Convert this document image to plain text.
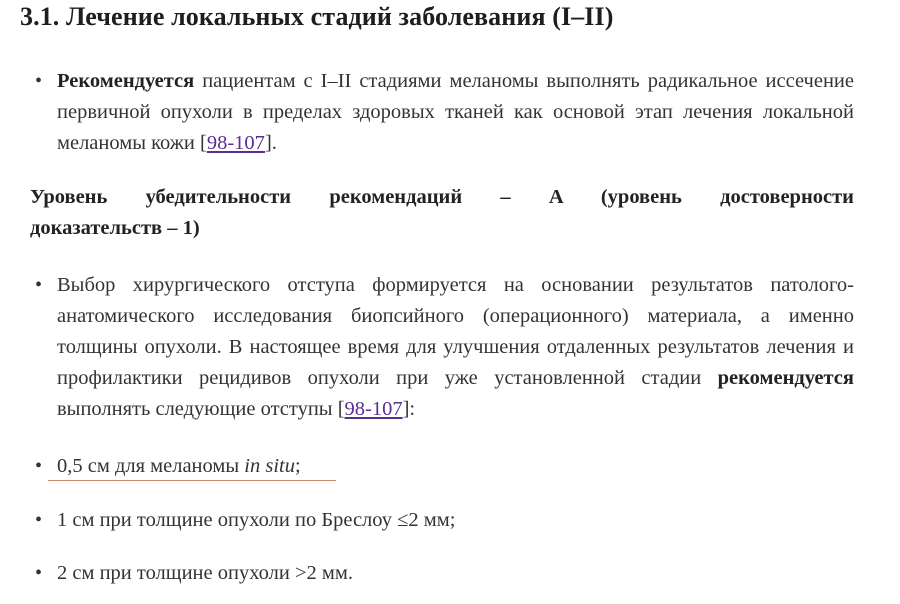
3.1. Лечение локальных стадий заболевания (I–II)
• Рекомендуется пациентам с I–II стадиями меланомы выполнять радикальное иссечение первичной опухоли в пределах здоровых тканей как основой этап лечения локальной меланомы кожи [98-107].
Уровень убедительности рекомендаций – A (уровень достоверности
доказательств – 1)
• Выбор хирургического отступа формируется на основании результатов патолого-анатомического исследования биопсийного (операционного) материала, а именно толщины опухоли. В настоящее время для улучшения отдаленных результатов лечения и профилактики рецидивов опухоли при уже установленной стадии рекомендуется выполнять следующие отступы [98-107]:
• 0,5 см для меланомы in situ;
• 1 см при толщине опухоли по Бреслоу ≤2 мм;
• 2 см при толщине опухоли >2 мм.
